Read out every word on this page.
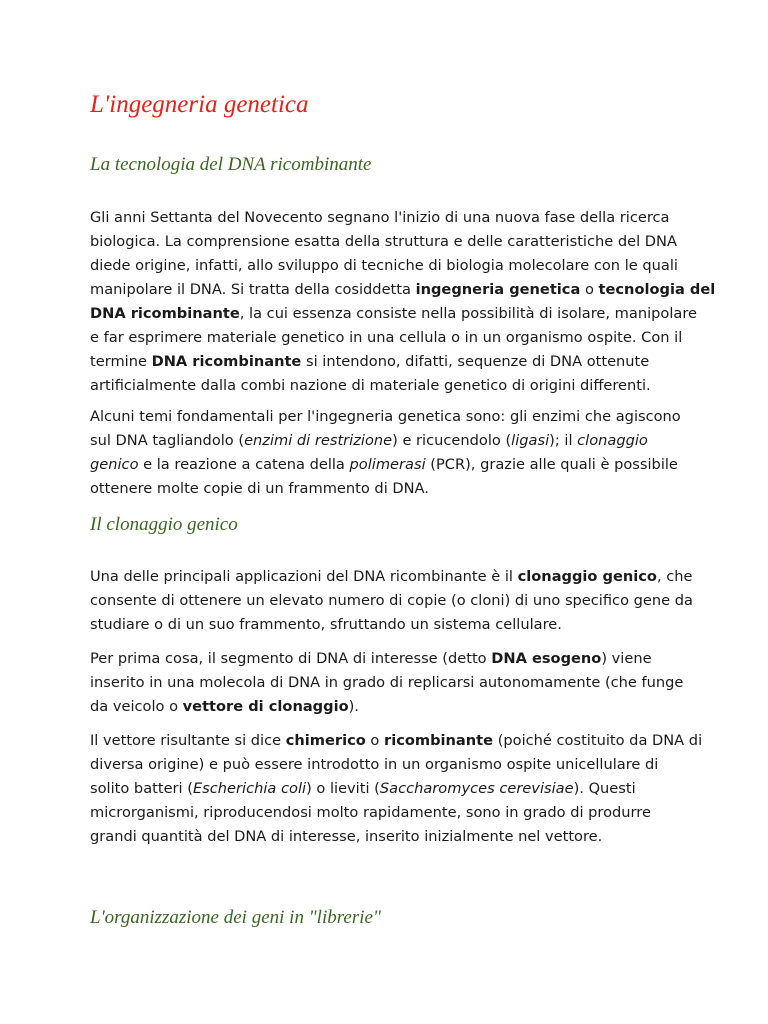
L'ingegneria genetica
La tecnologia del DNA ricombinante

Gli anni Settanta del Novecento segnano l'inizio di una nuova fase della ricerca
biologica. La comprensione esatta della struttura e delle caratteristiche del DNA
diede origine, infatti, allo sviluppo di tecniche di biologia molecolare con le quali
manipolare il DNA. Si tratta della cosiddetta ingegneria genetica o tecnologia del
DNA ricombinante, la cui essenza consiste nella possibilità di isolare, manipolare
e far esprimere materiale genetico in una cellula o in un organismo ospite. Con il
termine DNA ricombinante si intendono, difatti, sequenze di DNA ottenute
artificialmente dalla combi nazione di materiale genetico di origini differenti.

Alcuni temi fondamentali per l'ingegneria genetica sono: gli enzimi che agiscono
sul DNA tagliandolo (enzimi di restrizione) e ricucendolo (ligasi); il clonaggio
genico e la reazione a catena della polimerasi (PCR), grazie alle quali è possibile
ottenere molte copie di un frammento di DNA.

Il clonaggio genico

Una delle principali applicazioni del DNA ricombinante è il clonaggio genico, che
consente di ottenere un elevato numero di copie (o cloni) di uno specifico gene da
studiare o di un suo frammento, sfruttando un sistema cellulare.

Per prima cosa, il segmento di DNA di interesse (detto DNA esogeno) viene
inserito in una molecola di DNA in grado di replicarsi autonomamente (che funge
da veicolo o vettore di clonaggio).

Il vettore risultante si dice chimerico o ricombinante (poiché costituito da DNA di
diversa origine) e può essere introdotto in un organismo ospite unicellulare di
solito batteri (Escherichia coli) o lieviti (Saccharomyces cerevisiae). Questi
microrganismi, riproducendosi molto rapidamente, sono in grado di produrre
grandi quantità del DNA di interesse, inserito inizialmente nel vettore.

L'organizzazione dei geni in "librerie"
